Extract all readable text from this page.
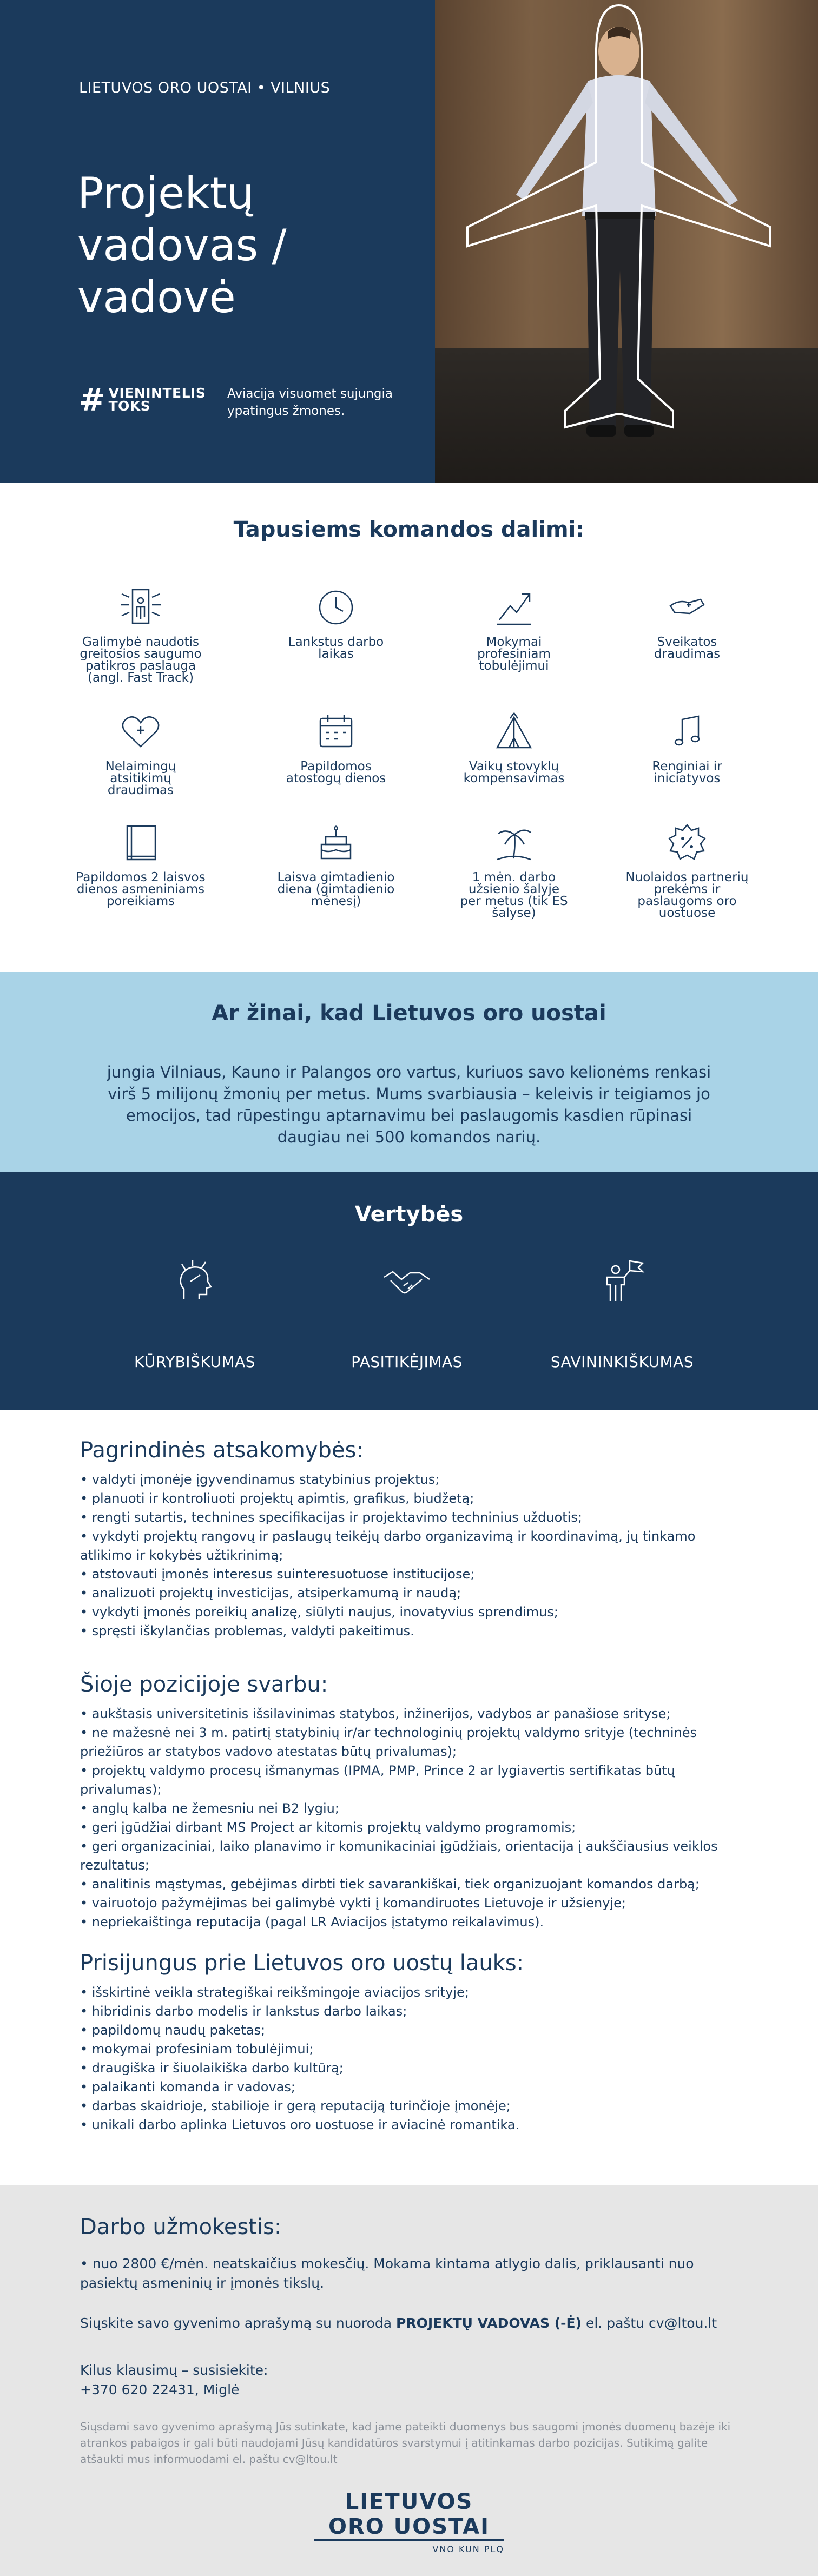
LIETUVOS ORO UOSTAI • VILNIUS
Projektų
vadovas /
vadovė
# VIENINTELIS
TOKS
Aviacija visuomet sujungia
ypatingus žmones.
Tapusiems komandos dalimi:
Galimybė naudotis
greitosios saugumo
patikros paslauga
(angl. Fast Track)
Lankstus darbo
laikas
Mokymai
profesiniam
tobulėjimui
Sveikatos draudimas
Nelaimingų
atsitikimų draudimas
Papildomos
atostogų dienos
Vaikų stovyklų
kompensavimas
Renginiai ir
iniciatyvos
Papildomos 2 laisvos
dienos asmeniniams
poreikiams
Laisva gimtadienio
diena (gimtadienio
mėnesį)
1 mėn. darbo
užsienio šalyje
per metus (tik ES
šalyse)
Nuolaidos partnerių
prekėms ir
paslaugoms oro
uostuose
Ar žinai, kad Lietuvos oro uostai

jungia Vilniaus, Kauno ir Palangos oro vartus, kuriuos savo kelionėms renkasi virš 5 milijonų žmonių per metus. Mums svarbiausia – keleivis ir teigiamos jo emocijos, tad rūpestingu aptarnavimu bei paslaugomis kasdien rūpinasi daugiau nei 500 komandos narių.

Vertybės
KŪRYBIŠKUMAS	PASITIKĖJIMAS	SAVININKIŠKUMAS
Pagrindinės atsakomybės:
• valdyti įmonėje įgyvendinamus statybinius projektus;
• planuoti ir kontroliuoti projektų apimtis, grafikus, biudžetą;
• rengti sutartis, technines specifikacijas ir projektavimo techninius užduotis;
• vykdyti projektų rangovų ir paslaugų teikėjų darbo organizavimą ir koordinavimą, jų tinkamo atlikimo ir kokybės užtikrinimą;
• atstovauti įmonės interesus suinteresuotuose institucijose;
• analizuoti projektų investicijas, atsiperkamumą ir naudą;
• vykdyti įmonės poreikių analizę, siūlyti naujus, inovatyvius sprendimus;
• spręsti iškylančias problemas, valdyti pakeitimus.
Šioje pozicijoje svarbu:
• aukštasis universitetinis išsilavinimas statybos, inžinerijos, vadybos ar panašiose srityse;
• ne mažesnė nei 3 m. patirtį statybinių ir/ar technologinių projektų valdymo srityje (techninės priežiūros ar statybos vadovo atestatas būtų privalumas);
• projektų valdymo procesų išmanymas (IPMA, PMP, Prince 2 ar lygiavertis sertifikatas būtų privalumas);
• anglų kalba ne žemesniu nei B2 lygiu;
• geri įgūdžiai dirbant MS Project ar kitomis projektų valdymo programomis;
• geri organizaciniai, laiko planavimo ir komunikaciniai įgūdžiais, orientacija į aukščiausius veiklos rezultatus;
• analitinis mąstymas, gebėjimas dirbti tiek savarankiškai, tiek organizuojant komandos darbą;
• vairuotojo pažymėjimas bei galimybė vykti į komandiruotes Lietuvoje ir užsienyje;
• nepriekaištinga reputacija (pagal LR Aviacijos įstatymo reikalavimus).
Prisijungus prie Lietuvos oro uostų lauks:
• išskirtinė veikla strategiškai reikšmingoje aviacijos srityje;
• hibridinis darbo modelis ir lankstus darbo laikas;
• papildomų naudų paketas;
• mokymai profesiniam tobulėjimui;
• draugiška ir šiuolaikiška darbo kultūrą;
• palaikanti komanda ir vadovas;
• darbas skaidrioje, stabilioje ir gerą reputaciją turinčioje įmonėje;
• unikali darbo aplinka Lietuvos oro uostuose ir aviacinė romantika.
Darbo užmokestis:

• nuo 2800 €/mėn. neatskaičius mokesčių. Mokama kintama atlygio dalis, priklausanti nuo pasiektų asmeninių ir įmonės tikslų.

Siųskite savo gyvenimo aprašymą su nuoroda PROJEKTŲ VADOVAS (-Ė) el. paštu cv@ltou.lt

Kilus klausimų – susisiekite:
+370 620 22431, Miglė

Siųsdami savo gyvenimo aprašymą Jūs sutinkate, kad jame pateikti duomenys bus saugomi įmonės duomenų bazėje iki atrankos pabaigos ir gali būti naudojami Jūsų kandidatūros svarstymui į atitinkamas darbo pozicijas. Sutikimą galite atšaukti mus informuodami el. paštu cv@ltou.lt

LIETUVOS ORO UOSTAI
VNO KUN PLQ
